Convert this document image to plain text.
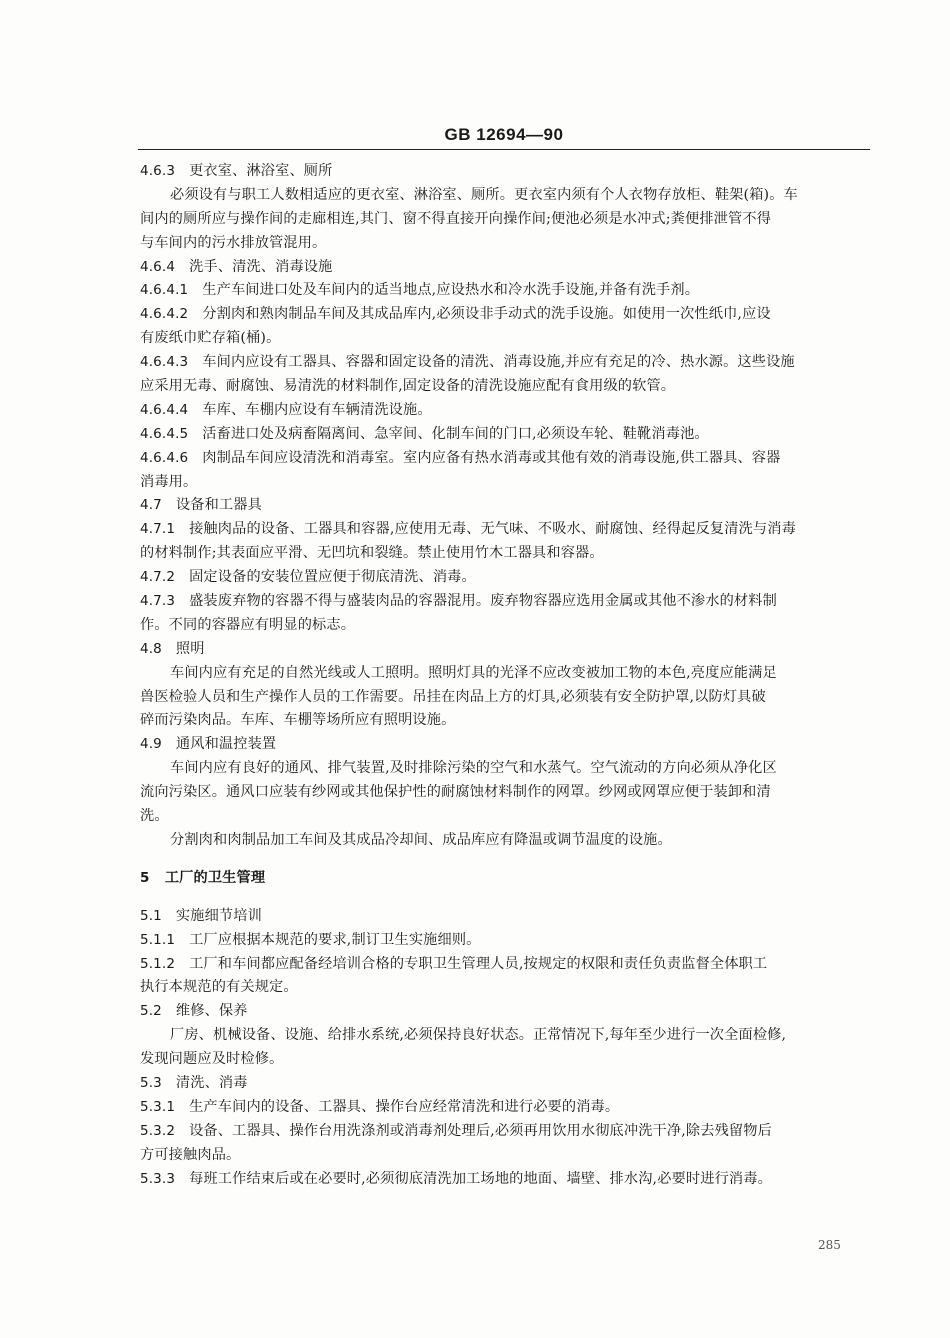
GB 12694—90
4.6.3 更衣室、淋浴室、厕所
必须设有与职工人数相适应的更衣室、淋浴室、厕所。更衣室内须有个人衣物存放柜、鞋架(箱)。车
间内的厕所应与操作间的走廊相连,其门、窗不得直接开向操作间;便池必须是水冲式;粪便排泄管不得
与车间内的污水排放管混用。
4.6.4 洗手、清洗、消毒设施
4.6.4.1 生产车间进口处及车间内的适当地点,应设热水和冷水洗手设施,并备有洗手剂。
4.6.4.2 分割肉和熟肉制品车间及其成品库内,必须设非手动式的洗手设施。如使用一次性纸巾,应设
有废纸巾贮存箱(桶)。
4.6.4.3 车间内应设有工器具、容器和固定设备的清洗、消毒设施,并应有充足的冷、热水源。这些设施
应采用无毒、耐腐蚀、易清洗的材料制作,固定设备的清洗设施应配有食用级的软管。
4.6.4.4 车库、车棚内应设有车辆清洗设施。
4.6.4.5 活畜进口处及病畜隔离间、急宰间、化制车间的门口,必须设车轮、鞋靴消毒池。
4.6.4.6 肉制品车间应设清洗和消毒室。室内应备有热水消毒或其他有效的消毒设施,供工器具、容器
消毒用。
4.7 设备和工器具
4.7.1 接触肉品的设备、工器具和容器,应使用无毒、无气味、不吸水、耐腐蚀、经得起反复清洗与消毒
的材料制作;其表面应平滑、无凹坑和裂缝。禁止使用竹木工器具和容器。
4.7.2 固定设备的安装位置应便于彻底清洗、消毒。
4.7.3 盛装废弃物的容器不得与盛装肉品的容器混用。废弃物容器应选用金属或其他不渗水的材料制
作。不同的容器应有明显的标志。
4.8 照明
车间内应有充足的自然光线或人工照明。照明灯具的光泽不应改变被加工物的本色,亮度应能满足
兽医检验人员和生产操作人员的工作需要。吊挂在肉品上方的灯具,必须装有安全防护罩,以防灯具破
碎而污染肉品。车库、车棚等场所应有照明设施。
4.9 通风和温控装置
车间内应有良好的通风、排气装置,及时排除污染的空气和水蒸气。空气流动的方向必须从净化区
流向污染区。通风口应装有纱网或其他保护性的耐腐蚀材料制作的网罩。纱网或网罩应便于装卸和清
洗。
分割肉和肉制品加工车间及其成品冷却间、成品库应有降温或调节温度的设施。
5 工厂的卫生管理
5.1 实施细节培训
5.1.1 工厂应根据本规范的要求,制订卫生实施细则。
5.1.2 工厂和车间都应配备经培训合格的专职卫生管理人员,按规定的权限和责任负责监督全体职工
执行本规范的有关规定。
5.2 维修、保养
厂房、机械设备、设施、给排水系统,必须保持良好状态。正常情况下,每年至少进行一次全面检修,
发现问题应及时检修。
5.3 清洗、消毒
5.3.1 生产车间内的设备、工器具、操作台应经常清洗和进行必要的消毒。
5.3.2 设备、工器具、操作台用洗涤剂或消毒剂处理后,必须再用饮用水彻底冲洗干净,除去残留物后
方可接触肉品。
5.3.3 每班工作结束后或在必要时,必须彻底清洗加工场地的地面、墙壁、排水沟,必要时进行消毒。
285
